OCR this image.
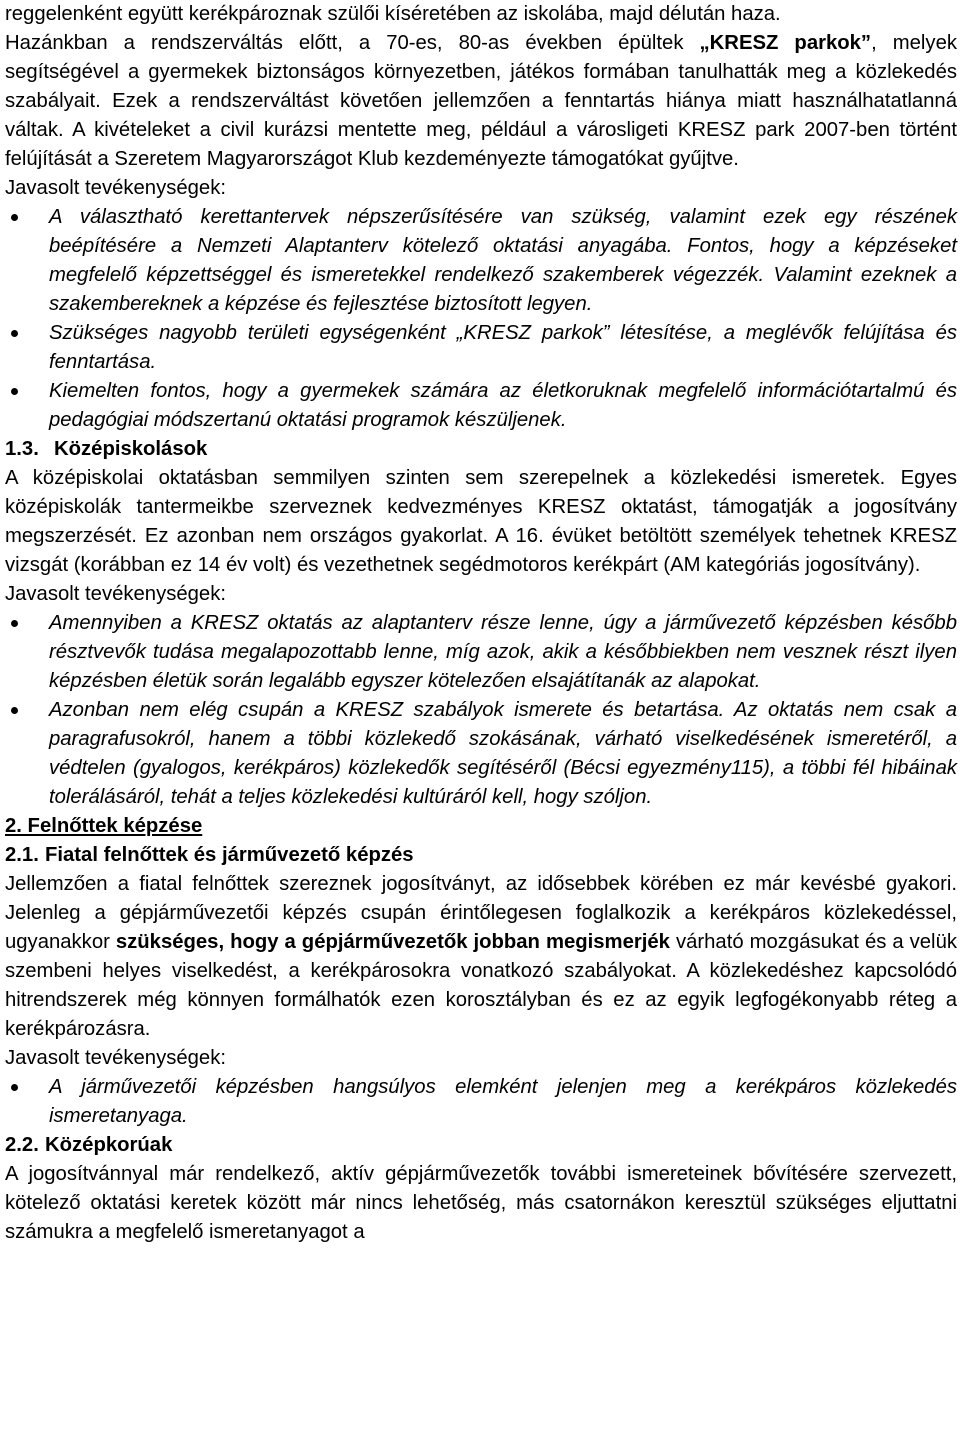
reggelenként együtt kerékpároznak szülői kíséretében az iskolába, majd délután haza.

Hazánkban a rendszerváltás előtt, a 70-es, 80-as években épültek „KRESZ parkok”, melyek segítségével a gyermekek biztonságos környezetben, játékos formában tanulhatták meg a közlekedés szabályait. Ezek a rendszerváltást követően jellemzően a fenntartás hiánya miatt használhatatlanná váltak. A kivételeket a civil kurázsi mentette meg, például a városligeti KRESZ park 2007-ben történt felújítását a Szeretem Magyarországot Klub kezdeményezte támogatókat gyűjtve.

Javasolt tevékenységek:
A választható kerettantervek népszerűsítésére van szükség, valamint ezek egy részének beépítésére a Nemzeti Alaptanterv kötelező oktatási anyagába. Fontos, hogy a képzéseket megfelelő képzettséggel és ismeretekkel rendelkező szakemberek végezzék. Valamint ezeknek a szakembereknek a képzése és fejlesztése biztosított legyen.
Szükséges nagyobb területi egységenként „KRESZ parkok” létesítése, a meglévők felújítása és fenntartása.
Kiemelten fontos, hogy a gyermekek számára az életkoruknak megfelelő információtartalmú és pedagógiai módszertanú oktatási programok készüljenek.
1.3. Középiskolások

A középiskolai oktatásban semmilyen szinten sem szerepelnek a közlekedési ismeretek. Egyes középiskolák tantermeikbe szerveznek kedvezményes KRESZ oktatást, támogatják a jogosítvány megszerzését. Ez azonban nem országos gyakorlat. A 16. évüket betöltött személyek tehetnek KRESZ vizsgát (korábban ez 14 év volt) és vezethetnek segédmotoros kerékpárt (AM kategóriás jogosítvány).

Javasolt tevékenységek:
Amennyiben a KRESZ oktatás az alaptanterv része lenne, úgy a járművezető képzésben később résztvevők tudása megalapozottabb lenne, míg azok, akik a későbbiekben nem vesznek részt ilyen képzésben életük során legalább egyszer kötelezően elsajátítanák az alapokat.
Azonban nem elég csupán a KRESZ szabályok ismerete és betartása. Az oktatás nem csak a paragrafusokról, hanem a többi közlekedő szokásának, várható viselkedésének ismeretéről, a védtelen (gyalogos, kerékpáros) közlekedők segítéséről (Bécsi egyezmény115), a többi fél hibáinak tolerálásáról, tehát a teljes közlekedési kultúráról kell, hogy szóljon.
2. Felnőttek képzése
2.1. Fiatal felnőttek és járművezető képzés

Jellemzően a fiatal felnőttek szereznek jogosítványt, az idősebbek körében ez már kevésbé gyakori. Jelenleg a gépjárművezetői képzés csupán érintőlegesen foglalkozik a kerékpáros közlekedéssel, ugyanakkor szükséges, hogy a gépjárművezetők jobban megismerjék várható mozgásukat és a velük szembeni helyes viselkedést, a kerékpárosokra vonatkozó szabályokat. A közlekedéshez kapcsolódó hitrendszerek még könnyen formálhatók ezen korosztályban és ez az egyik legfogékonyabb réteg a kerékpározásra.

Javasolt tevékenységek:
A járművezetői képzésben hangsúlyos elemként jelenjen meg a kerékpáros közlekedés ismeretanyaga.
2.2. Középkorúak

A jogosítvánnyal már rendelkező, aktív gépjárművezetők további ismereteinek bővítésére szervezett, kötelező oktatási keretek között már nincs lehetőség, más csatornákon keresztül szükséges eljuttatni számukra a megfelelő ismeretanyagot a
